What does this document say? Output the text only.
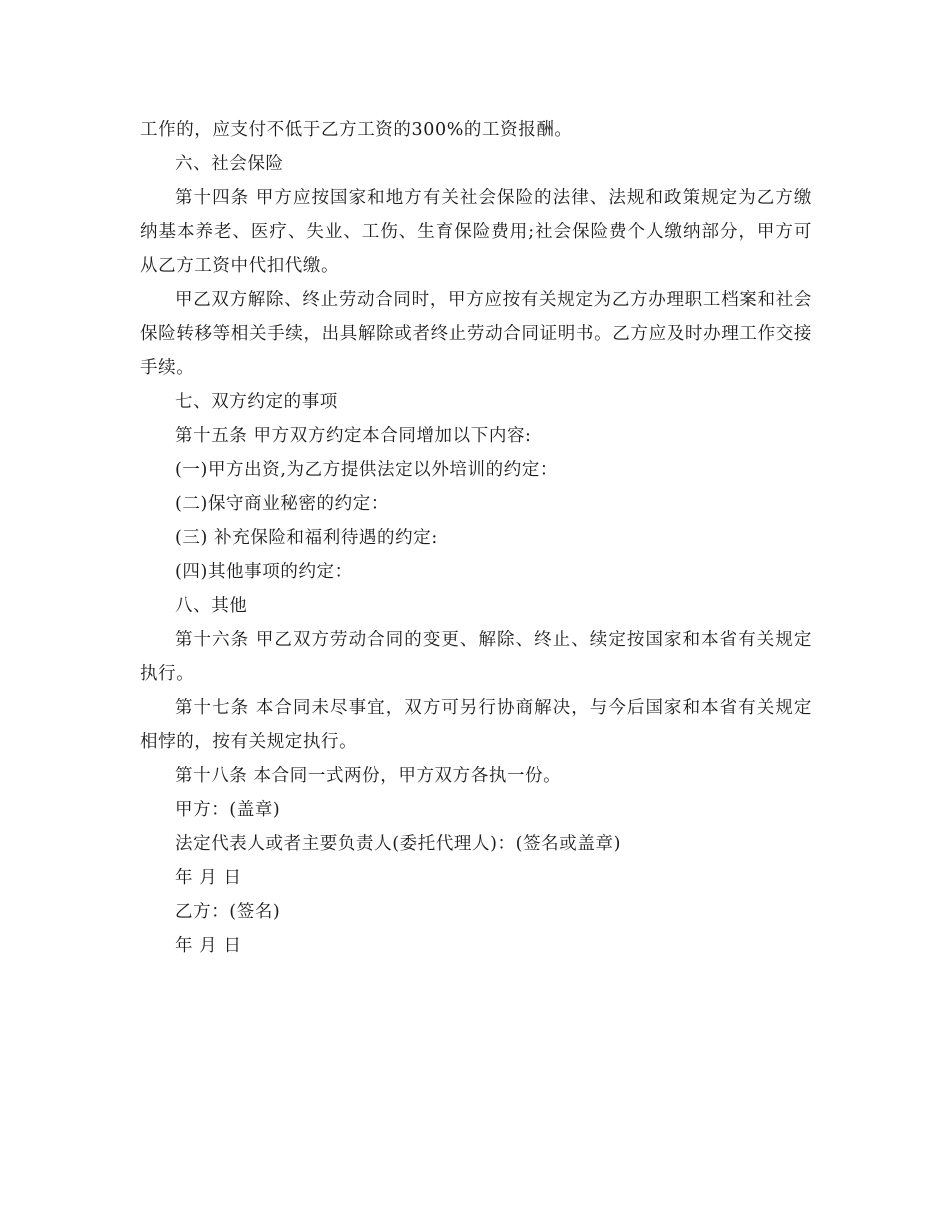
工作的，应支付不低于乙方工资的300%的工资报酬。

六、社会保险

第十四条 甲方应按国家和地方有关社会保险的法律、法规和政策规定为乙方缴纳基本养老、医疗、失业、工伤、生育保险费用;社会保险费个人缴纳部分，甲方可从乙方工资中代扣代缴。

甲乙双方解除、终止劳动合同时，甲方应按有关规定为乙方办理职工档案和社会保险转移等相关手续，出具解除或者终止劳动合同证明书。乙方应及时办理工作交接手续。

七、双方约定的事项

第十五条 甲方双方约定本合同增加以下内容:

(一)甲方出资,为乙方提供法定以外培训的约定：

(二)保守商业秘密的约定：

(三) 补充保险和福利待遇的约定:

(四)其他事项的约定：

八、其他

第十六条 甲乙双方劳动合同的变更、解除、终止、续定按国家和本省有关规定执行。

第十七条 本合同未尽事宜，双方可另行协商解决，与今后国家和本省有关规定相悖的，按有关规定执行。

第十八条 本合同一式两份，甲方双方各执一份。

甲方：(盖章)

法定代表人或者主要负责人(委托代理人)：(签名或盖章)

年 月 日

乙方：(签名)

年 月 日
